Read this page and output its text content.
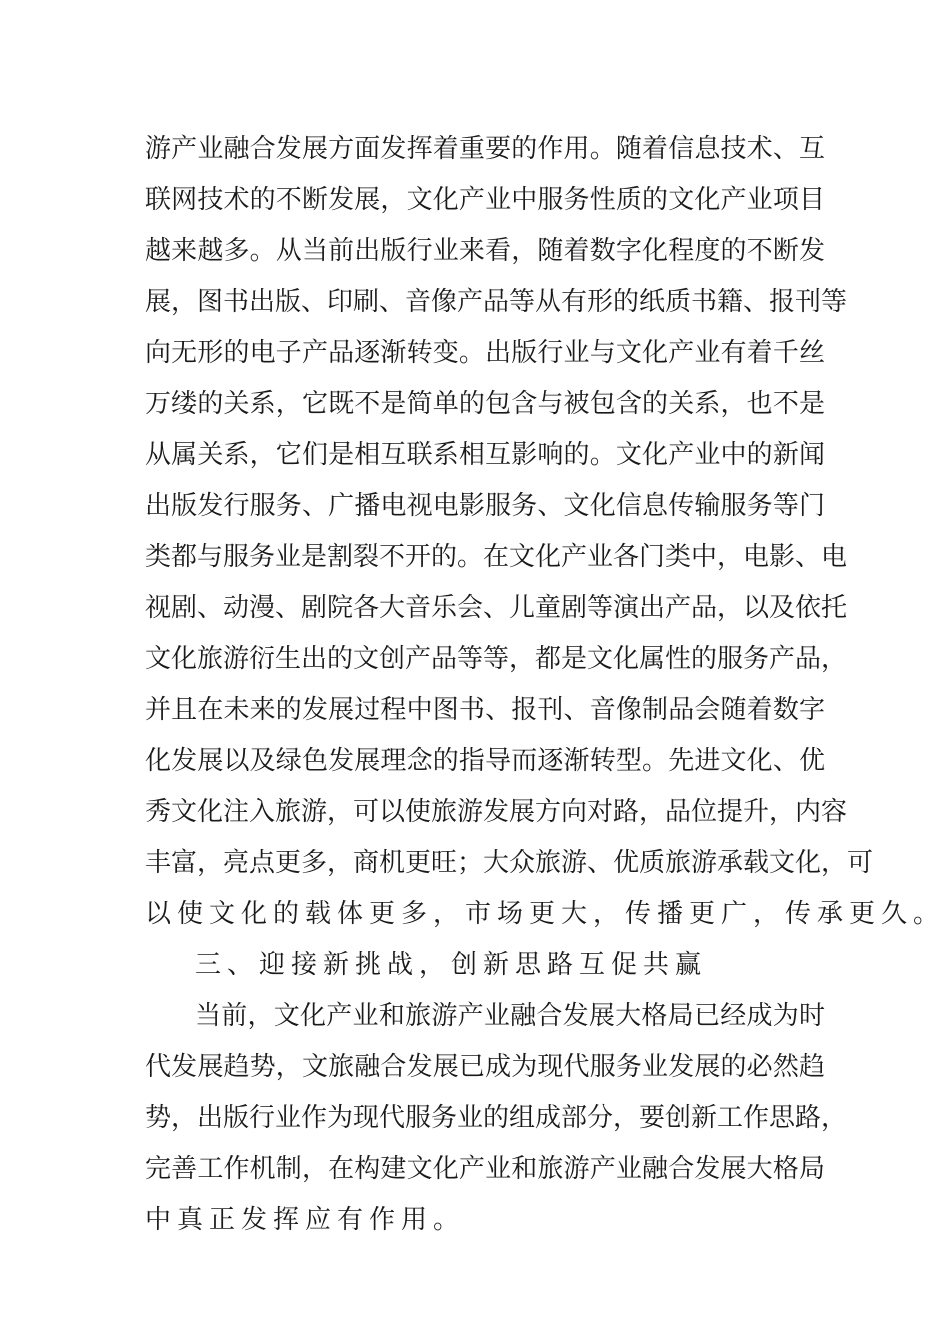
游产业融合发展方面发挥着重要的作用。随着信息技术、互
联网技术的不断发展，文化产业中服务性质的文化产业项目
越来越多。从当前出版行业来看，随着数字化程度的不断发
展，图书出版、印刷、音像产品等从有形的纸质书籍、报刊等
向无形的电子产品逐渐转变。出版行业与文化产业有着千丝
万缕的关系，它既不是简单的包含与被包含的关系，也不是
从属关系，它们是相互联系相互影响的。文化产业中的新闻
出版发行服务、广播电视电影服务、文化信息传输服务等门
类都与服务业是割裂不开的。在文化产业各门类中，电影、电
视剧、动漫、剧院各大音乐会、儿童剧等演出产品，以及依托
文化旅游衍生出的文创产品等等，都是文化属性的服务产品，
并且在未来的发展过程中图书、报刊、音像制品会随着数字
化发展以及绿色发展理念的指导而逐渐转型。先进文化、优
秀文化注入旅游，可以使旅游发展方向对路，品位提升，内容
丰富，亮点更多，商机更旺；大众旅游、优质旅游承载文化，可
以使文化的载体更多，市场更大，传播更广，传承更久。
三、迎接新挑战，创新思路互促共赢
当前，文化产业和旅游产业融合发展大格局已经成为时
代发展趋势，文旅融合发展已成为现代服务业发展的必然趋
势，出版行业作为现代服务业的组成部分，要创新工作思路，
完善工作机制，在构建文化产业和旅游产业融合发展大格局
中真正发挥应有作用。
